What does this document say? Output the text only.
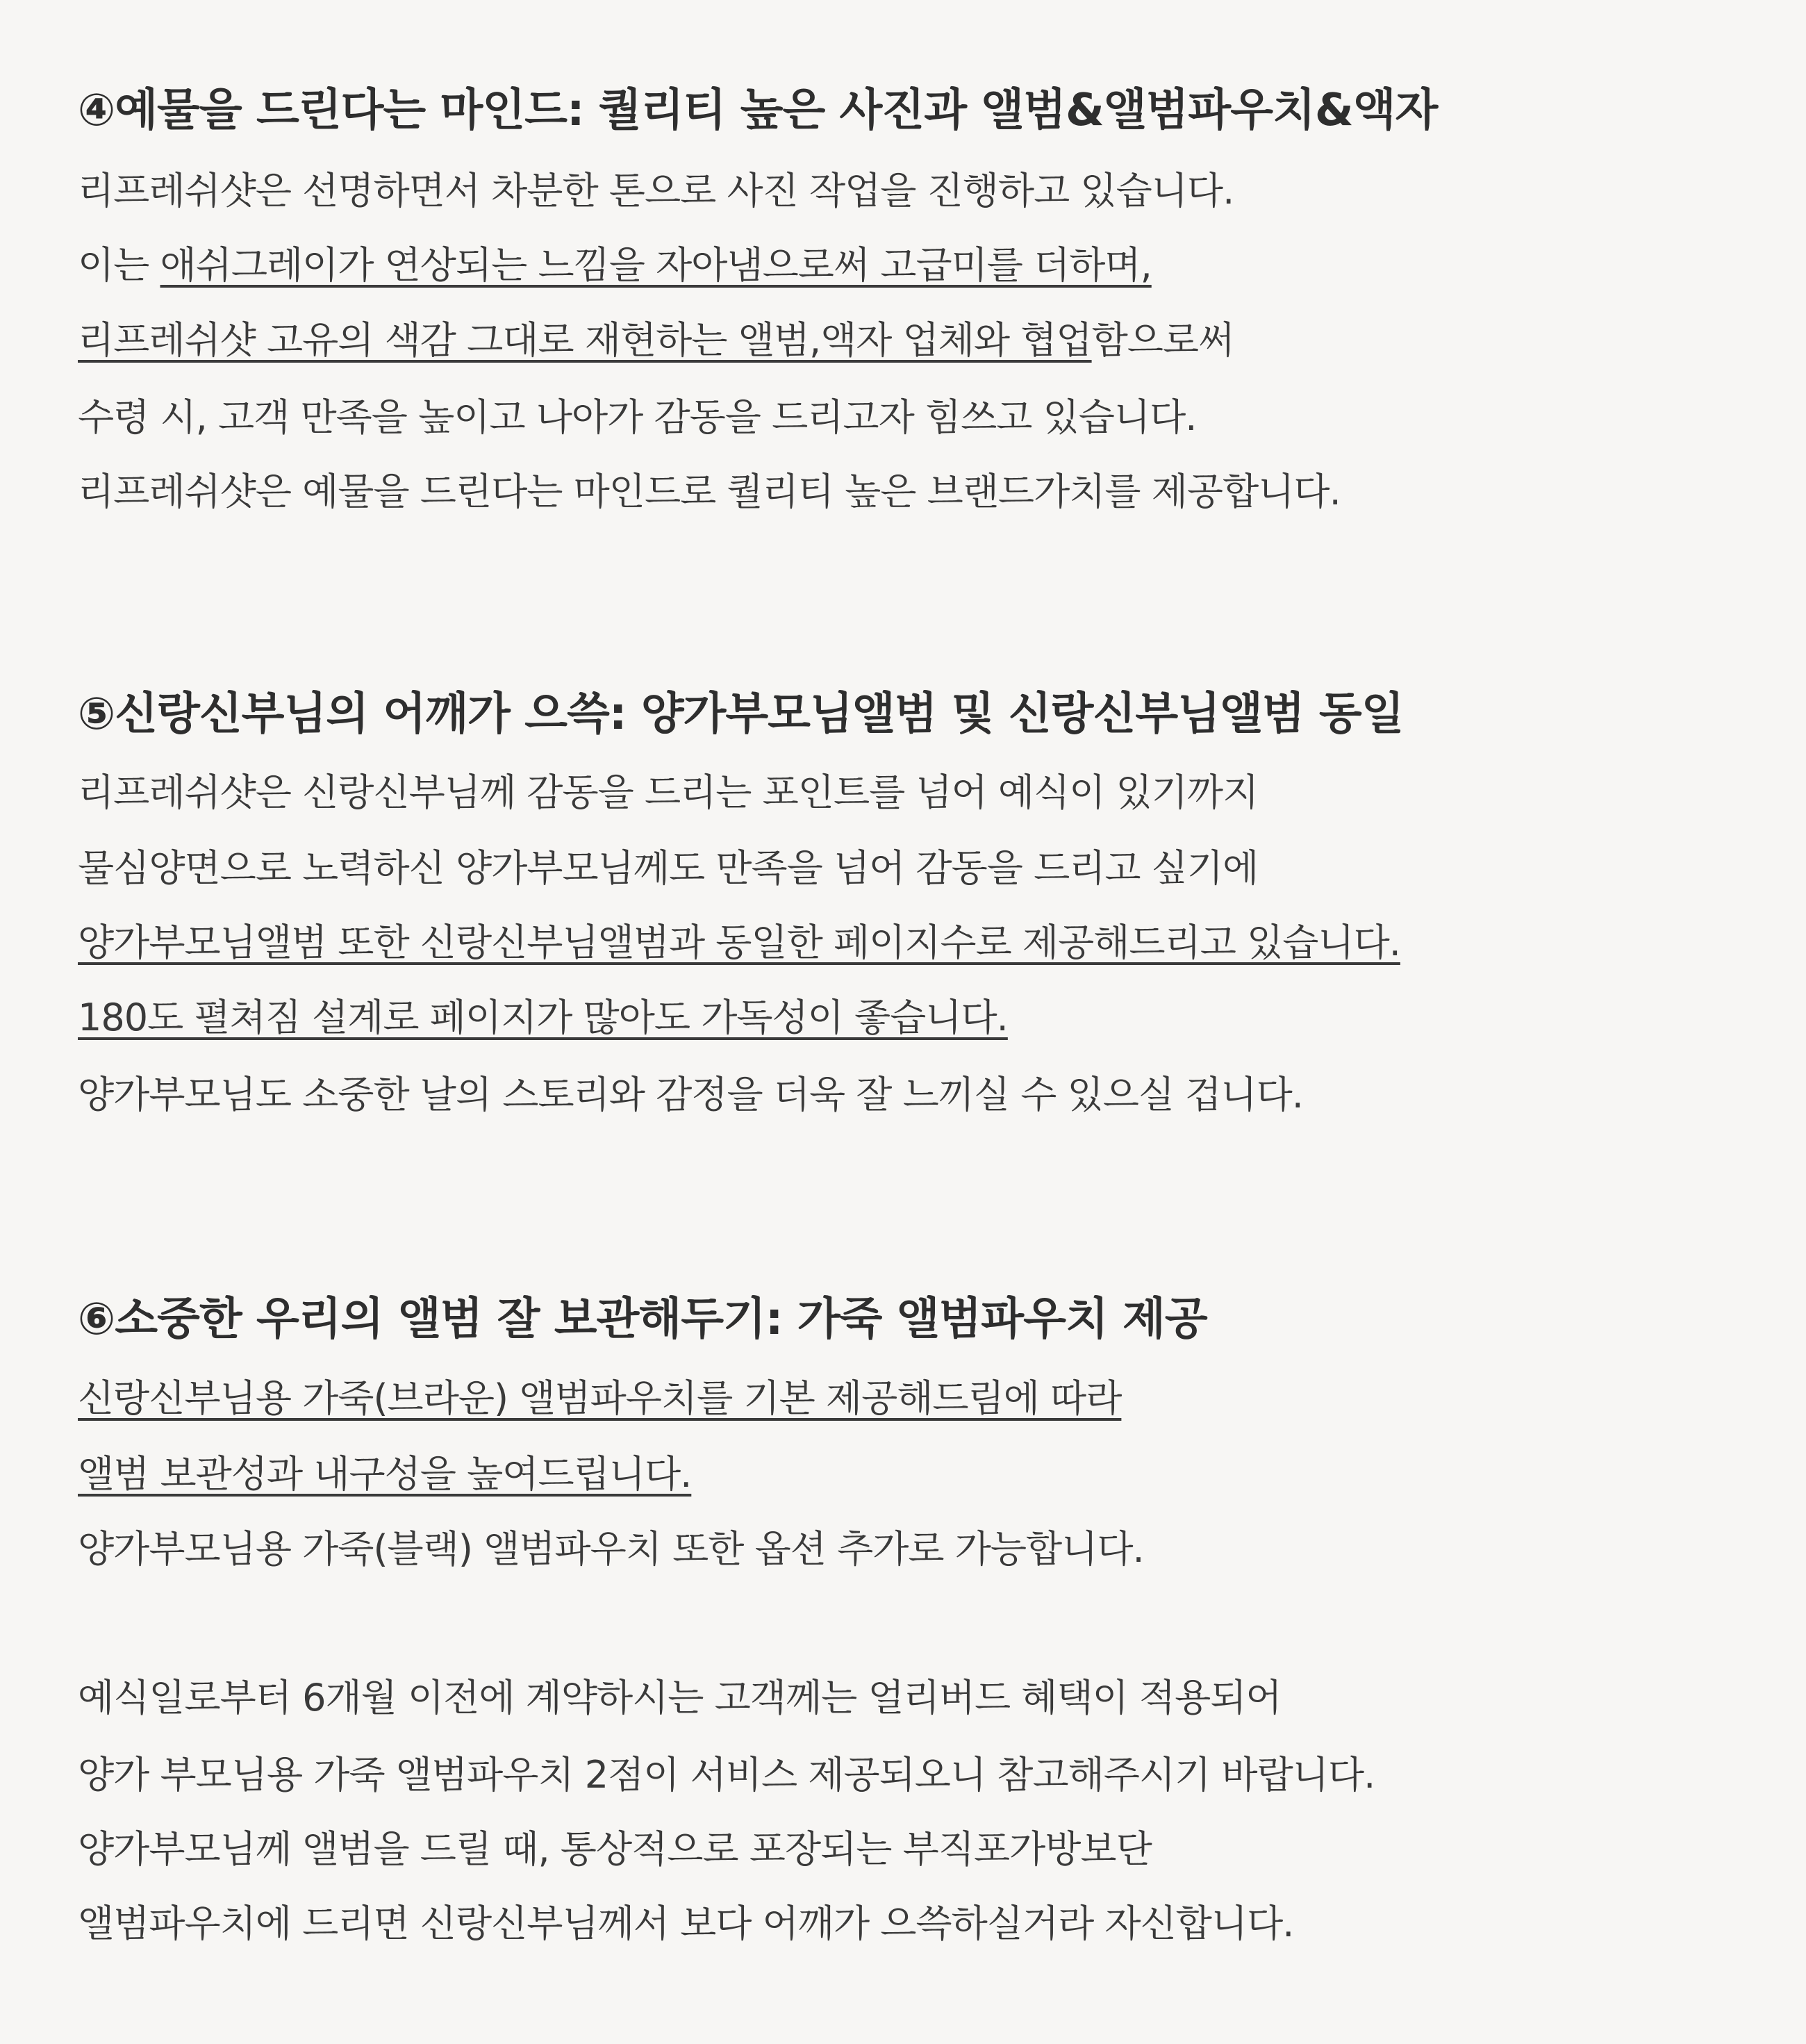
④예물을 드린다는 마인드: 퀄리티 높은 사진과 앨범&앨범파우치&액자
리프레쉬샷은 선명하면서 차분한 톤으로 사진 작업을 진행하고 있습니다.
이는 애쉬그레이가 연상되는 느낌을 자아냄으로써 고급미를 더하며,
리프레쉬샷 고유의 색감 그대로 재현하는 앨범,액자 업체와 협업함으로써
수령 시, 고객 만족을 높이고 나아가 감동을 드리고자 힘쓰고 있습니다.
리프레쉬샷은 예물을 드린다는 마인드로 퀄리티 높은 브랜드가치를 제공합니다.
⑤신랑신부님의 어깨가 으쓱: 양가부모님앨범 및 신랑신부님앨범 동일
리프레쉬샷은 신랑신부님께 감동을 드리는 포인트를 넘어 예식이 있기까지
물심양면으로 노력하신 양가부모님께도 만족을 넘어 감동을 드리고 싶기에
양가부모님앨범 또한 신랑신부님앨범과 동일한 페이지수로 제공해드리고 있습니다.
180도 펼쳐짐 설계로 페이지가 많아도 가독성이 좋습니다.
양가부모님도 소중한 날의 스토리와 감정을 더욱 잘 느끼실 수 있으실 겁니다.
⑥소중한 우리의 앨범 잘 보관해두기: 가죽 앨범파우치 제공
신랑신부님용 가죽(브라운) 앨범파우치를 기본 제공해드림에 따라
앨범 보관성과 내구성을 높여드립니다.
양가부모님용 가죽(블랙) 앨범파우치 또한 옵션 추가로 가능합니다.
예식일로부터 6개월 이전에 계약하시는 고객께는 얼리버드 혜택이 적용되어
양가 부모님용 가죽 앨범파우치 2점이 서비스 제공되오니 참고해주시기 바랍니다.
양가부모님께 앨범을 드릴 때, 통상적으로 포장되는 부직포가방보단
앨범파우치에 드리면 신랑신부님께서 보다 어깨가 으쓱하실거라 자신합니다.
